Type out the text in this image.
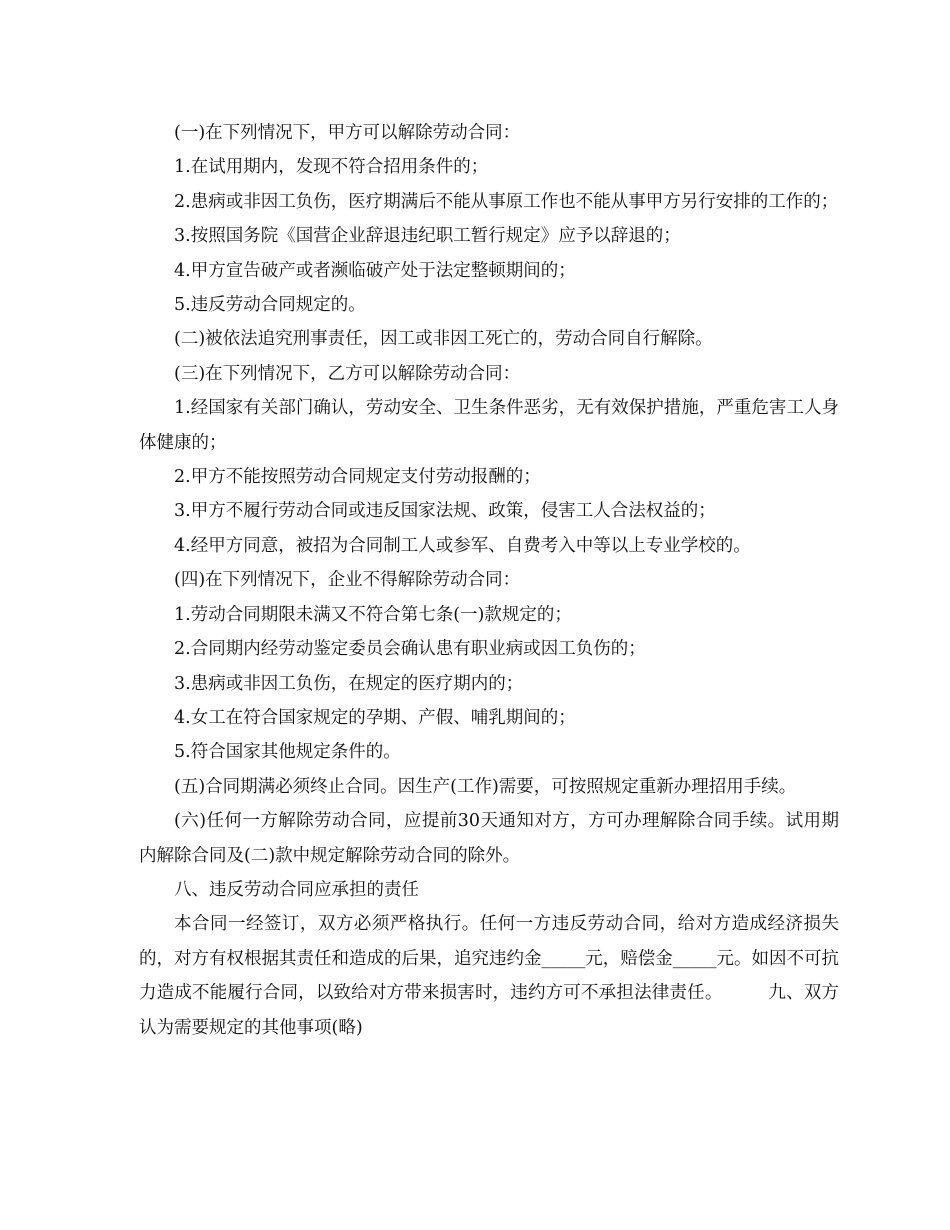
(一)在下列情况下，甲方可以解除劳动合同：

1.在试用期内，发现不符合招用条件的；

2.患病或非因工负伤，医疗期满后不能从事原工作也不能从事甲方另行安排的工作的；

3.按照国务院《国营企业辞退违纪职工暂行规定》应予以辞退的；

4.甲方宣告破产或者濒临破产处于法定整顿期间的；

5.违反劳动合同规定的。

(二)被依法追究刑事责任，因工或非因工死亡的，劳动合同自行解除。

(三)在下列情况下，乙方可以解除劳动合同：

1.经国家有关部门确认，劳动安全、卫生条件恶劣，无有效保护措施，严重危害工人身体健康的；

2.甲方不能按照劳动合同规定支付劳动报酬的；

3.甲方不履行劳动合同或违反国家法规、政策，侵害工人合法权益的；

4.经甲方同意，被招为合同制工人或参军、自费考入中等以上专业学校的。

(四)在下列情况下，企业不得解除劳动合同：

1.劳动合同期限未满又不符合第七条(一)款规定的；

2.合同期内经劳动鉴定委员会确认患有职业病或因工负伤的；

3.患病或非因工负伤，在规定的医疗期内的；

4.女工在符合国家规定的孕期、产假、哺乳期间的；

5.符合国家其他规定条件的。

(五)合同期满必须终止合同。因生产(工作)需要，可按照规定重新办理招用手续。

(六)任何一方解除劳动合同，应提前30天通知对方，方可办理解除合同手续。试用期内解除合同及(二)款中规定解除劳动合同的除外。

八、违反劳动合同应承担的责任

本合同一经签订，双方必须严格执行。任何一方违反劳动合同，给对方造成经济损失的，对方有权根据其责任和造成的后果，追究违约金_____元，赔偿金_____元。如因不可抗力造成不能履行合同，以致给对方带来损害时，违约方可不承担法律责任。        九、双方认为需要规定的其他事项(略)
